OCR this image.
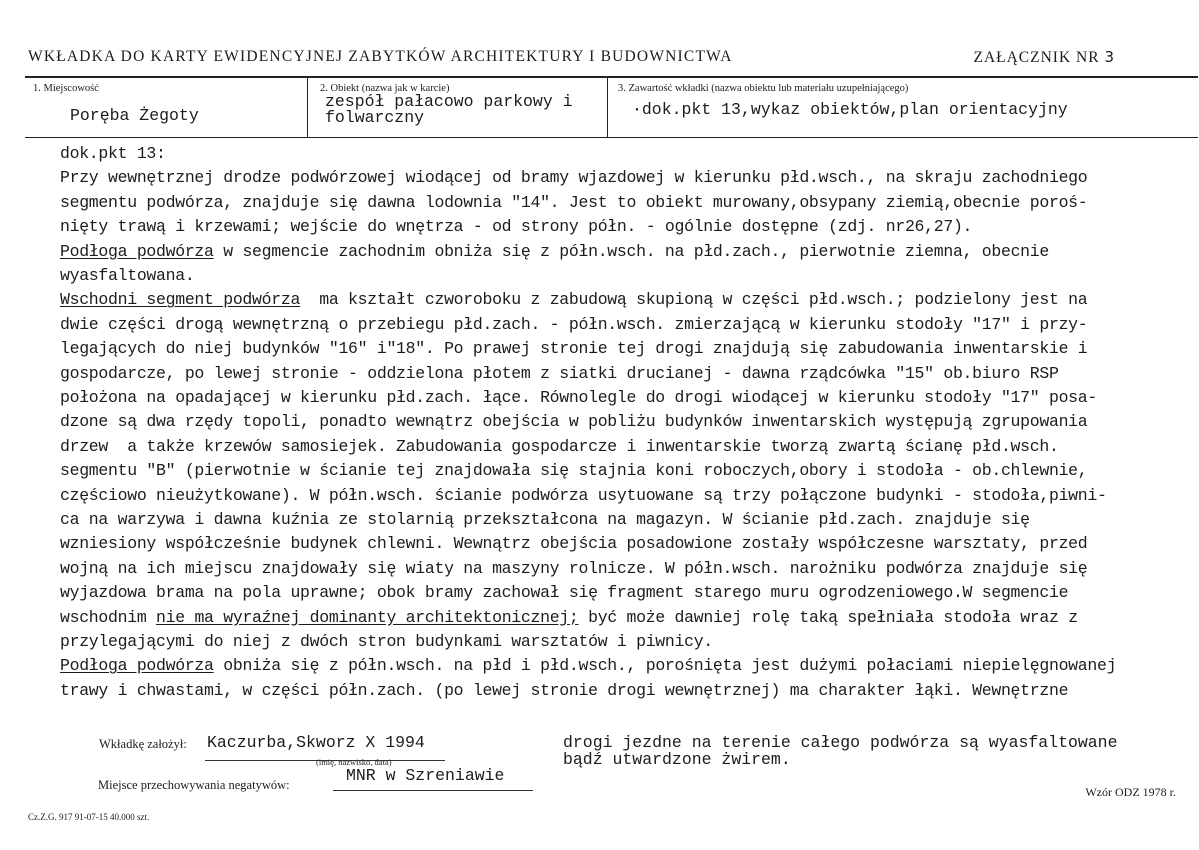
WKŁADKA DO KARTY EWIDENCYJNEJ ZABYTKÓW ARCHITEKTURY I BUDOWNICTWA	ZAŁĄCZNIK NR 3
1. Miejscowość
Poręba Żegoty
2. Obiekt (nazwa jak w karcie)
zespół pałacowo parkowy i
folwarczny
3. Zawartość wkładki (nazwa obiektu lub materiału uzupełniającego)
·dok.pkt 13,wykaz obiektów,plan orientacyjny
dok.pkt 13:
Przy wewnętrznej drodze podwórzowej wiodącej od bramy wjazdowej w kierunku płd.wsch., na skraju zachodniego
segmentu podwórza, znajduje się dawna lodownia "14". Jest to obiekt murowany,obsypany ziemią,obecnie poroś-
nięty trawą i krzewami; wejście do wnętrza - od strony półn. - ogólnie dostępne (zdj. nr26,27).
Podłoga podwórza w segmencie zachodnim obniża się z półn.wsch. na płd.zach., pierwotnie ziemna, obecnie
wyasfaltowana.
Wschodni segment podwórza  ma kształt czworoboku z zabudową skupioną w części płd.wsch.; podzielony jest na
dwie części drogą wewnętrzną o przebiegu płd.zach. - półn.wsch. zmierzającą w kierunku stodoły "17" i przy-
legających do niej budynków "16" i"18". Po prawej stronie tej drogi znajdują się zabudowania inwentarskie i
gospodarcze, po lewej stronie - oddzielona płotem z siatki drucianej - dawna rządcówka "15" ob.biuro RSP
położona na opadającej w kierunku płd.zach. łące. Równolegle do drogi wiodącej w kierunku stodoły "17" posa-
dzone są dwa rzędy topoli, ponadto wewnątrz obejścia w pobliżu budynków inwentarskich występują zgrupowania
drzew  a także krzewów samosiejek. Zabudowania gospodarcze i inwentarskie tworzą zwartą ścianę płd.wsch.
segmentu "B" (pierwotnie w ścianie tej znajdowała się stajnia koni roboczych,obory i stodoła - ob.chlewnie,
częściowo nieużytkowane). W półn.wsch. ścianie podwórza usytuowane są trzy połączone budynki - stodoła,piwni-
ca na warzywa i dawna kuźnia ze stolarnią przekształcona na magazyn. W ścianie płd.zach. znajduje się
wzniesiony współcześnie budynek chlewni. Wewnątrz obejścia posadowione zostały współczesne warsztaty, przed
wojną na ich miejscu znajdowały się wiaty na maszyny rolnicze. W półn.wsch. narożniku podwórza znajduje się
wyjazdowa brama na pola uprawne; obok bramy zachował się fragment starego muru ogrodzeniowego.W segmencie
wschodnim nie ma wyraźnej dominanty architektonicznej; być może dawniej rolę taką spełniała stodoła wraz z
przylegającymi do niej z dwóch stron budynkami warsztatów i piwnicy.
Podłoga podwórza obniża się z półn.wsch. na płd i płd.wsch., porośnięta jest dużymi połaciami niepielęgnowanej
trawy i chwastami, w części półn.zach. (po lewej stronie drogi wewnętrznej) ma charakter łąki. Wewnętrzne
Wkładkę założył: Kaczurba,Skworz X 1994
(imię, nazwisko, data)
drogi jezdne na terenie całego podwórza są wyasfaltowane
bądź utwardzone żwirem.
Miejsce przechowywania negatywów:	MNR w Szreniawie
Cz.Z.G. 917 91-07-15 40.000 szt.
Wzór ODZ 1978 r.
